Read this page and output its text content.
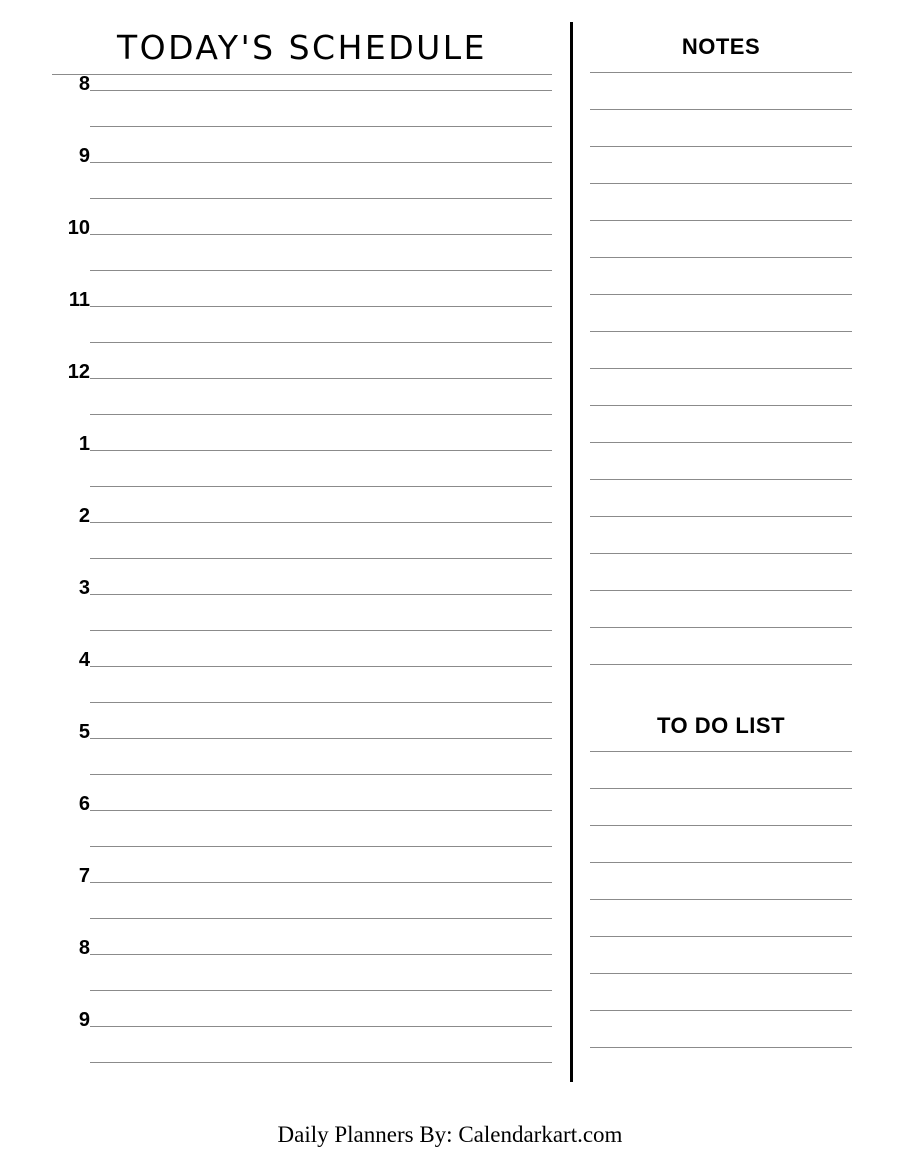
TODAY'S SCHEDULE
8
9
10
11
12
1
2
3
4
5
6
7
8
9
NOTES
TO DO LIST
Daily Planners By: Calendarkart.com
